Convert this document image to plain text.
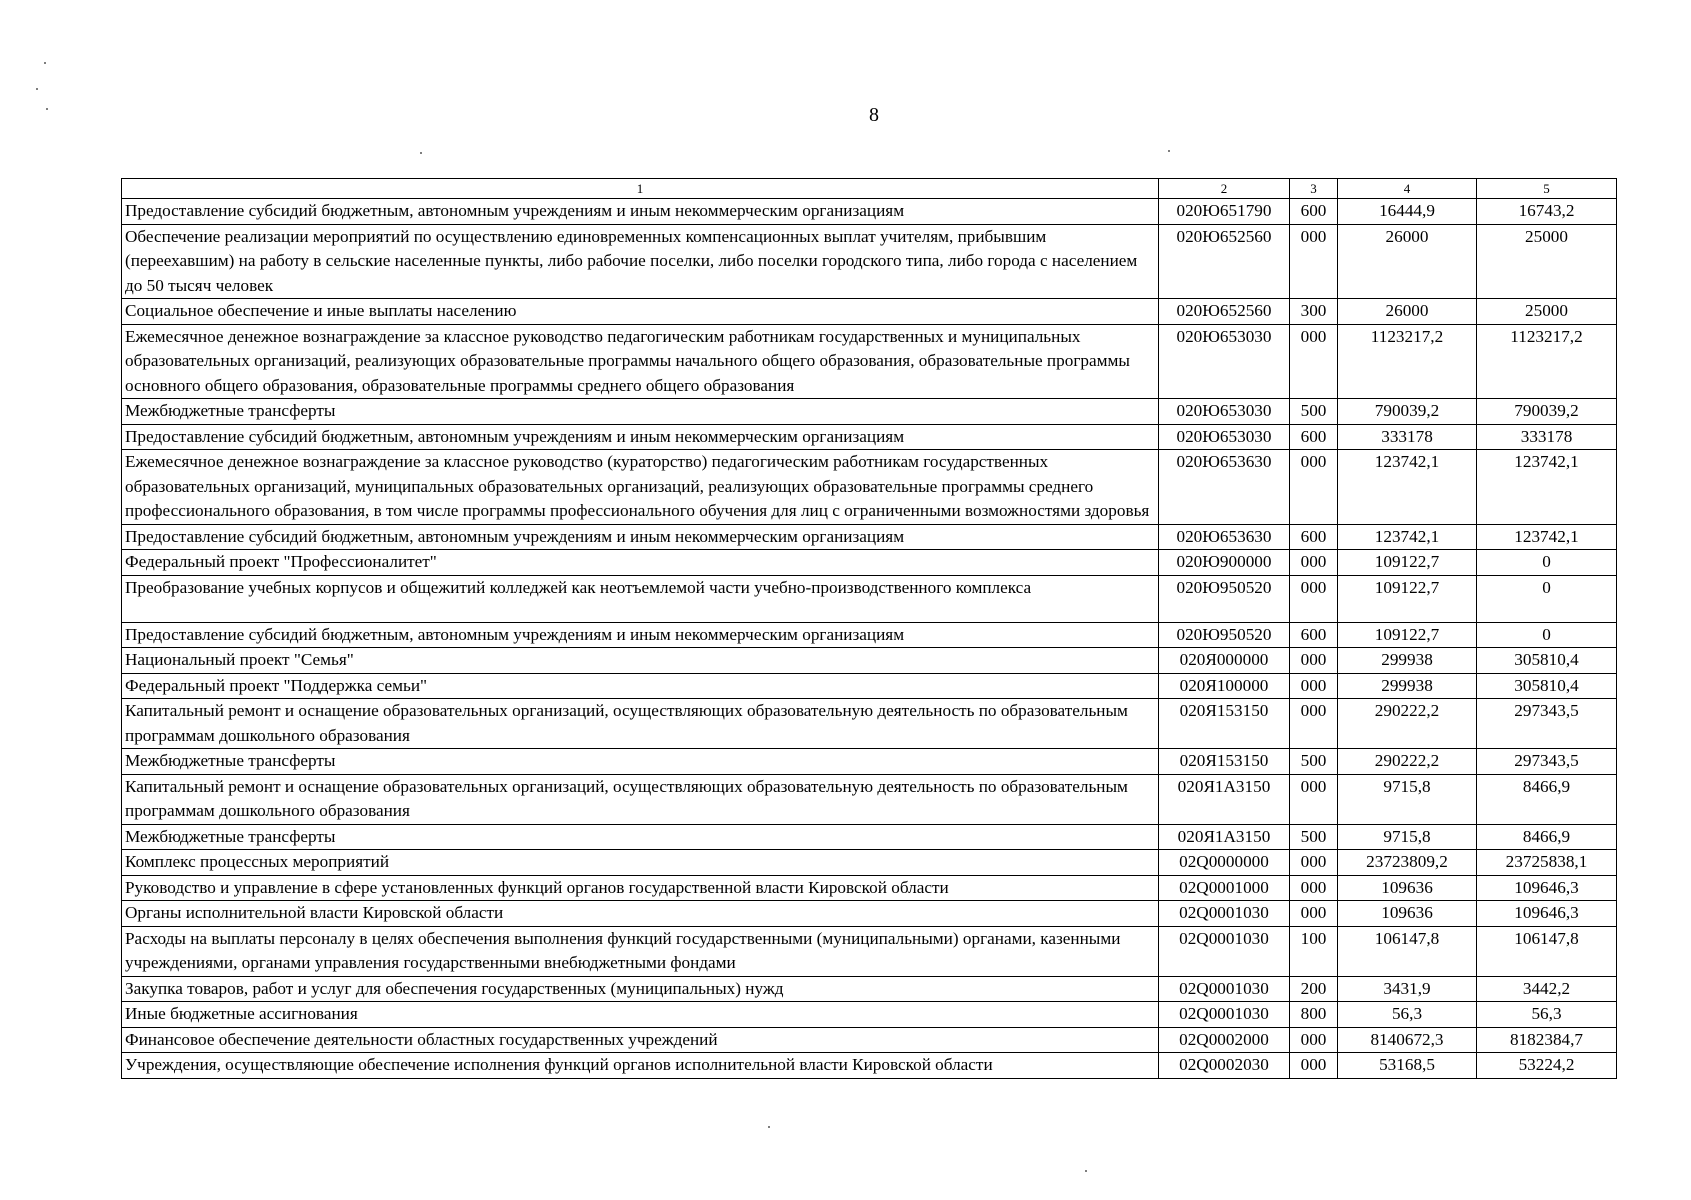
8
1	2	3	4	5
Предоставление субсидий бюджетным, автономным учреждениям и иным некоммерческим организациям	020Ю651790	600	16444,9	16743,2
Обеспечение реализации мероприятий по осуществлению единовременных компенсационных выплат учителям, прибывшим (переехавшим) на работу в сельские населенные пункты, либо рабочие поселки, либо поселки городского типа, либо города с населением до 50 тысяч человек	020Ю652560	000	26000	25000
Социальное обеспечение и иные выплаты населению	020Ю652560	300	26000	25000
Ежемесячное денежное вознаграждение за классное руководство педагогическим работникам государственных и муниципальных образовательных организаций, реализующих образовательные программы начального общего образования, образовательные программы основного общего образования, образовательные программы среднего общего образования	020Ю653030	000	1123217,2	1123217,2
Межбюджетные трансферты	020Ю653030	500	790039,2	790039,2
Предоставление субсидий бюджетным, автономным учреждениям и иным некоммерческим организациям	020Ю653030	600	333178	333178
Ежемесячное денежное вознаграждение за классное руководство (кураторство) педагогическим работникам государственных образовательных организаций, муниципальных образовательных организаций, реализующих образовательные программы среднего профессионального образования, в том числе программы профессионального обучения для лиц с ограниченными возможностями здоровья	020Ю653630	000	123742,1	123742,1
Предоставление субсидий бюджетным, автономным учреждениям и иным некоммерческим организациям	020Ю653630	600	123742,1	123742,1
Федеральный проект "Профессионалитет"	020Ю900000	000	109122,7	0
Преобразование учебных корпусов и общежитий колледжей как неотъемлемой части учебно-производственного комплекса	020Ю950520	000	109122,7	0
Предоставление субсидий бюджетным, автономным учреждениям и иным некоммерческим организациям	020Ю950520	600	109122,7	0
Национальный проект "Семья"	020Я000000	000	299938	305810,4
Федеральный проект "Поддержка семьи"	020Я100000	000	299938	305810,4
Капитальный ремонт и оснащение образовательных организаций, осуществляющих образовательную деятельность по образовательным программам дошкольного образования	020Я153150	000	290222,2	297343,5
Межбюджетные трансферты	020Я153150	500	290222,2	297343,5
Капитальный ремонт и оснащение образовательных организаций, осуществляющих образовательную деятельность по образовательным программам дошкольного образования	020Я1А3150	000	9715,8	8466,9
Межбюджетные трансферты	020Я1А3150	500	9715,8	8466,9
Комплекс процессных мероприятий	02Q0000000	000	23723809,2	23725838,1
Руководство и управление в сфере установленных функций органов государственной власти Кировской области	02Q0001000	000	109636	109646,3
Органы исполнительной власти Кировской области	02Q0001030	000	109636	109646,3
Расходы на выплаты персоналу в целях обеспечения выполнения функций государственными (муниципальными) органами, казенными учреждениями, органами управления государственными внебюджетными фондами	02Q0001030	100	106147,8	106147,8
Закупка товаров, работ и услуг для обеспечения государственных (муниципальных) нужд	02Q0001030	200	3431,9	3442,2
Иные бюджетные ассигнования	02Q0001030	800	56,3	56,3
Финансовое обеспечение деятельности областных государственных учреждений	02Q0002000	000	8140672,3	8182384,7
Учреждения, осуществляющие обеспечение исполнения функций органов исполнительной власти Кировской области	02Q0002030	000	53168,5	53224,2
